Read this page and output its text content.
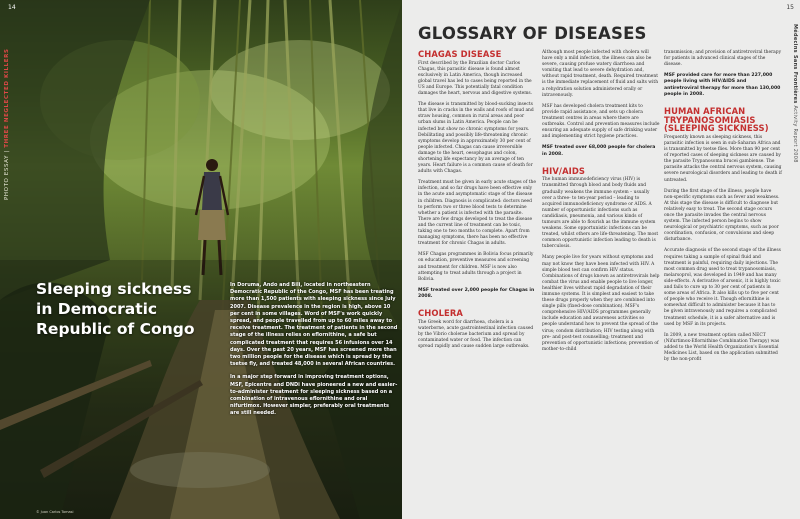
14
PHOTO ESSAY | THREE NEGLECTED KILLERS
Sleeping sickness in Democratic Republic of Congo

In Doruma, Ando and Bili, located in northeastern Democratic Republic of the Congo, MSF has been treating more than 1,500 patients with sleeping sickness since July 2007. Disease prevalence in the region is high, above 10 per cent in some villages. Word of MSF's work quickly spread, and people travelled from up to 60 miles away to receive treatment. The treatment of patients in the second stage of the illness relies on eflornithine, a safe but complicated treatment that requires 56 infusions over 14 days. Over the past 20 years, MSF has screened more than two million people for the disease which is spread by the tsetse fly, and treated 48,000 in several African countries.

In a major step forward in improving treatment options, MSF, Epicentre and DNDi have pioneered a new and easier-to-administer treatment for sleeping sickness based on a combination of intravenous eflornithine and oral nifurtimox. However simpler, preferably oral treatments are still needed.

© Juan Carlos Tomasi
15
Médecins Sans Frontières Activity Report 2008
GLOSSARY OF DISEASES
CHAGAS DISEASE

First described by the Brazilian doctor Carlos Chagas, this parasitic disease is found almost exclusively in Latin America, though increased global travel has led to cases being reported in the US and Europe. This potentially fatal condition damages the heart, nervous and digestive systems.

The disease is transmitted by blood-sucking insects that live in cracks in the walls and roofs of mud and straw housing, common in rural areas and poor urban slums in Latin America. People can be infected but show no chronic symptoms for years. Debilitating and possibly life-threatening chronic symptoms develop in approximately 30 per cent of people infected. Chagas can cause irreversible damage to the heart, oesophagus and colon, shortening life expectancy by an average of ten years. Heart failure is a common cause of death for adults with Chagas.

Treatment must be given in early acute stages of the infection, and so far drugs have been effective only in the acute and asymptomatic stage of the disease in children. Diagnosis is complicated: doctors need to perform two or three blood tests to determine whether a patient is infected with the parasite. There are few drugs developed to treat the disease and the current line of treatment can be toxic, taking one to two months to complete. Apart from managing symptoms, there has been no effective treatment for chronic Chagas in adults.

MSF Chagas programmes in Bolivia focus primarily on education, preventive measures and screening and treatment for children. MSF is now also attempting to treat adults through a project in Bolivia.

MSF treated over 2,000 people for Chagas in 2008.

CHOLERA

The Greek word for diarrhoea, cholera is a waterborne, acute gastrointestinal infection caused by the Vibrio cholerae bacterium and spread by contaminated water or food. The infection can spread rapidly and cause sudden large outbreaks.

Although most people infected with cholera will have only a mild infection, the illness can also be severe, causing profuse watery diarrhoea and vomiting that lead to severe dehydration and, without rapid treatment, death. Required treatment is the immediate replacement of fluid and salts with a rehydration solution administered orally or intravenously.

MSF has developed cholera treatment kits to provide rapid assistance, and sets up cholera treatment centres in areas where there are outbreaks. Control and prevention measures include ensuring an adequate supply of safe drinking water and implementing strict hygiene practices.

MSF treated over 68,000 people for cholera in 2008.

HIV/AIDS

The human immunodeficiency virus (HIV) is transmitted through blood and body fluids and gradually weakens the immune system – usually over a three- to ten-year period – leading to acquired immunodeficiency syndrome or AIDS. A number of opportunistic infections such as candidiasis, pneumonia, and various kinds of tumours are able to flourish as the immune system weakens. Some opportunistic infections can be treated, whilst others are life-threatening. The most common opportunistic infection leading to death is tuberculosis.

Many people live for years without symptoms and may not know they have been infected with HIV. A simple blood test can confirm HIV status. Combinations of drugs known as antiretrovirals help combat the virus and enable people to live longer, healthier lives without rapid degradation of their immune systems. It is simplest and easiest to take these drugs properly when they are combined into single pills (fixed-dose combination). MSF's comprehensive HIV/AIDS programmes generally include education and awareness activities so people understand how to prevent the spread of the virus; condom distribution; HIV testing along with pre- and post-test counselling; treatment and prevention of opportunistic infections; prevention of mother-to-child

transmission; and provision of antiretroviral therapy for patients in advanced clinical stages of the disease.

MSF provided care for more than 227,000 people living with HIV/AIDS and antiretroviral therapy for more than 130,000 people in 2008.

HUMAN AFRICAN TRYPANOSOMIASIS (SLEEPING SICKNESS)

Frequently known as sleeping sickness, this parasitic infection is seen in sub-Saharan Africa and is transmitted by tsetse flies. More than 90 per cent of reported cases of sleeping sickness are caused by the parasite Trypanosoma brucei gambiense. The parasite attacks the central nervous system, causing severe neurological disorders and leading to death if untreated.

During the first stage of the illness, people have non-specific symptoms such as fever and weakness. At this stage the disease is difficult to diagnose but relatively easy to treat. The second stage occurs once the parasite invades the central nervous system. The infected person begins to show neurological or psychiatric symptoms, such as poor coordination, confusion, or convulsions and sleep disturbance.

Accurate diagnosis of the second stage of the illness requires taking a sample of spinal fluid and treatment is painful, requiring daily injections. The most common drug used to treat trypanosomiasis, melarsoprol, was developed in 1949 and has many side-effects. A derivative of arsenic, it is highly toxic and fails to cure up to 30 per cent of patients in some areas of Africa. It also kills up to five per cent of people who receive it. Though eflornithine is somewhat difficult to administer because it has to be given intravenously and requires a complicated treatment schedule, it is a safer alternative and is used by MSF in its projects.

In 2009, a new treatment option called NECT (Nifurtimox-Eflornithine Combination Therapy) was added to the World Health Organization's Essential Medicines List, based on the application submitted by the non-profit
